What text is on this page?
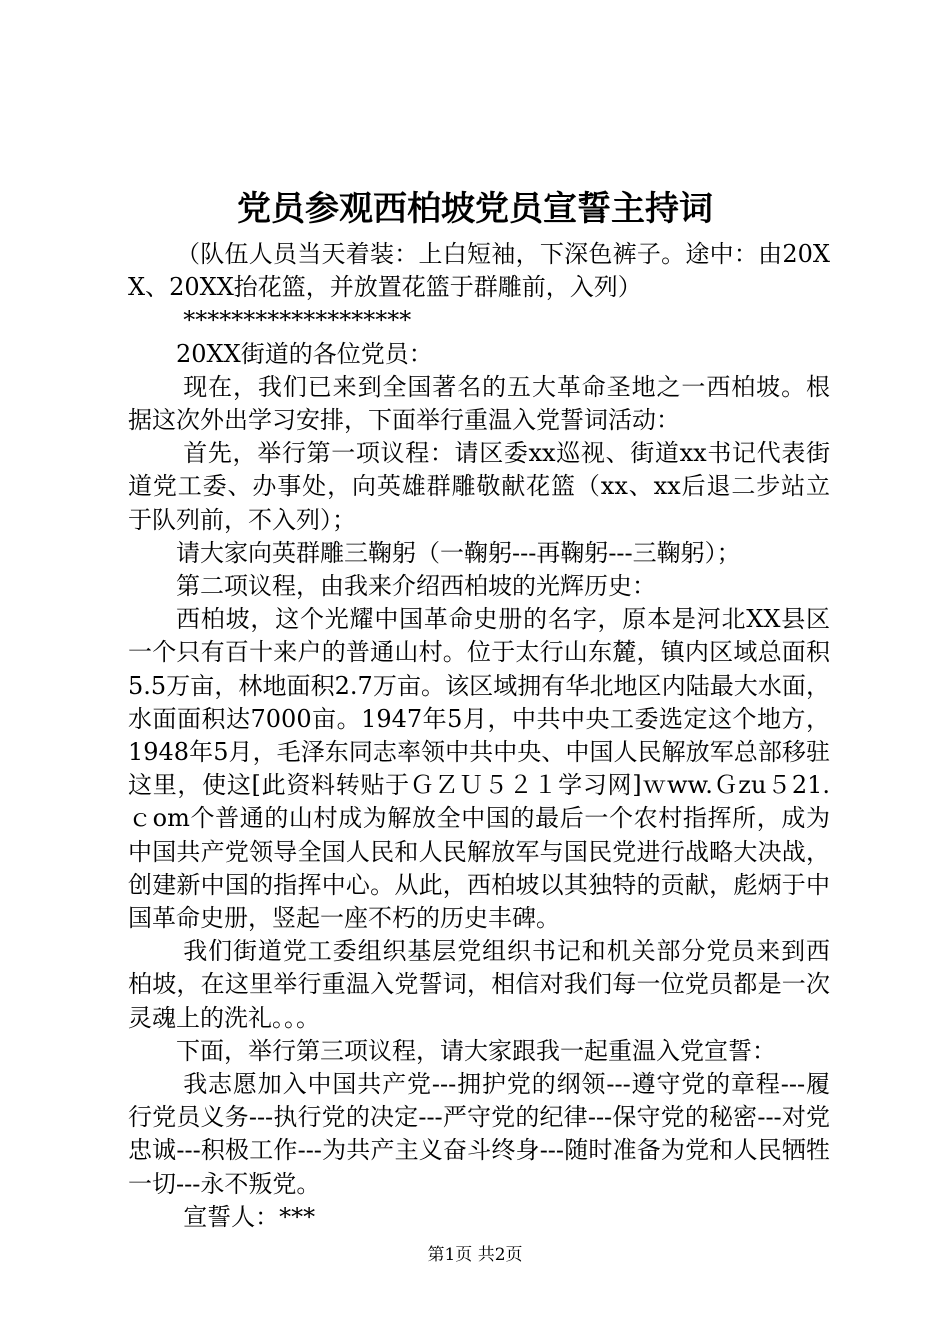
党员参观西柏坡党员宣誓主持词

（队伍人员当天着装：上白短袖，下深色裤子。途中：由20XX、20XX抬花篮，并放置花篮于群雕前，入列）

*******************

20XX街道的各位党员：

现在，我们已来到全国著名的五大革命圣地之一西柏坡。根据这次外出学习安排，下面举行重温入党誓词活动：

首先，举行第一项议程：请区委xx巡视、街道xx书记代表街道党工委、办事处，向英雄群雕敬献花篮（xx、xx后退二步站立于队列前，不入列）；

请大家向英群雕三鞠躬（一鞠躬---再鞠躬---三鞠躬）；

第二项议程，由我来介绍西柏坡的光辉历史：

西柏坡，这个光耀中国革命史册的名字，原本是河北XX县区一个只有百十来户的普通山村。位于太行山东麓，镇内区域总面积5.5万亩，林地面积2.7万亩。该区域拥有华北地区内陆最大水面，水面面积达7000亩。1947年5月，中共中央工委选定这个地方，1948年5月，毛泽东同志率领中共中央、中国人民解放军总部移驻这里，使这[此资料转贴于ＧＺＵ５２１学习网]ｗww.Ｇzu５21.ｃom个普通的山村成为解放全中国的最后一个农村指挥所，成为中国共产党领导全国人民和人民解放军与国民党进行战略大决战，创建新中国的指挥中心。从此，西柏坡以其独特的贡献，彪炳于中国革命史册，竖起一座不朽的历史丰碑。

我们街道党工委组织基层党组织书记和机关部分党员来到西柏坡，在这里举行重温入党誓词，相信对我们每一位党员都是一次灵魂上的洗礼。。。

下面，举行第三项议程，请大家跟我一起重温入党宣誓：

我志愿加入中国共产党---拥护党的纲领---遵守党的章程---履行党员义务---执行党的决定---严守党的纪律---保守党的秘密---对党忠诚---积极工作---为共产主义奋斗终身---随时准备为党和人民牺牲一切---永不叛党。

宣誓人：***

第1页 共2页
